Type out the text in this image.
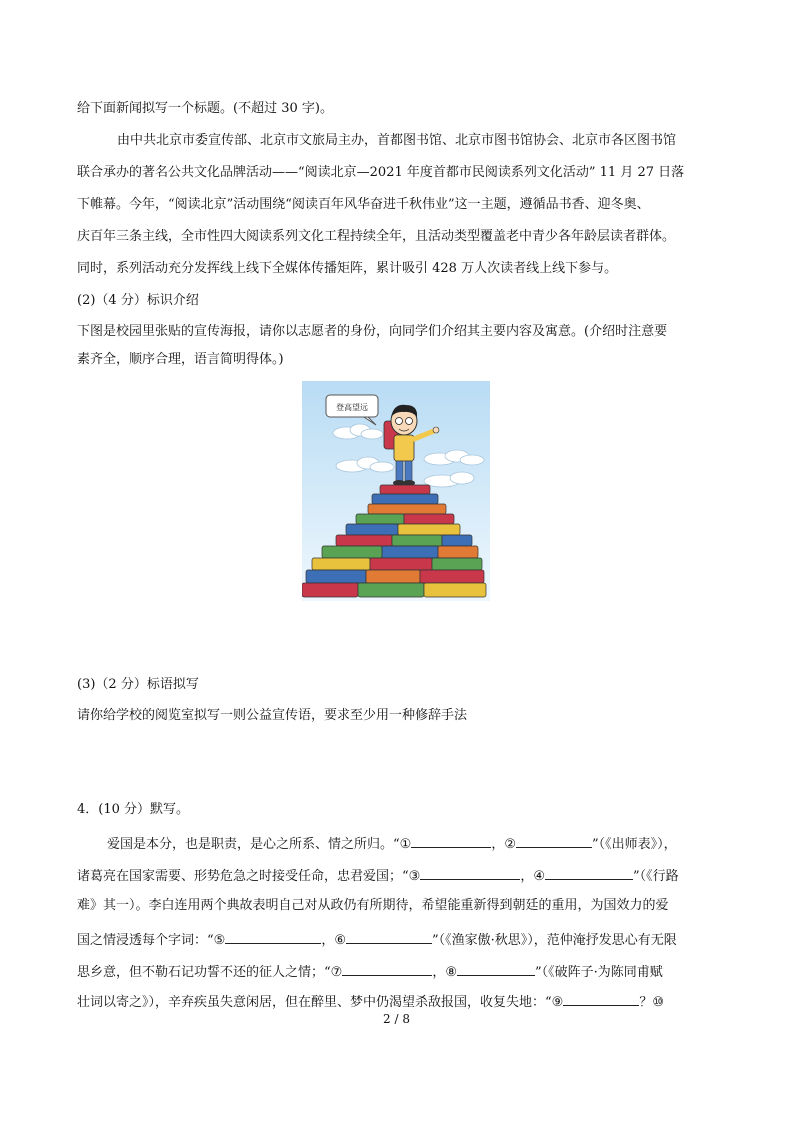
给下面新闻拟写一个标题。(不超过 30 字)。
由中共北京市委宣传部、北京市文旅局主办，首都图书馆、北京市图书馆协会、北京市各区图书馆
联合承办的著名公共文化品牌活动——“阅读北京—2021 年度首都市民阅读系列文化活动” 11 月 27 日落
下帷幕。今年，“阅读北京”活动围绕“阅读百年风华奋进千秋伟业”这一主题，遵循品书香、迎冬奥、
庆百年三条主线，全市性四大阅读系列文化工程持续全年，且活动类型覆盖老中青少各年龄层读者群体。
同时，系列活动充分发挥线上线下全媒体传播矩阵，累计吸引 428 万人次读者线上线下参与。
(2)（4 分）标识介绍
下图是校园里张贴的宣传海报，请你以志愿者的身份，向同学们介绍其主要内容及寓意。(介绍时注意要
素齐全，顺序合理，语言简明得体。)
登高望远
(3)（2 分）标语拟写
请你给学校的阅览室拟写一则公益宣传语，要求至少用一种修辞手法
4．(10 分）默写。
爱国是本分，也是职责，是心之所系、情之所归。“①	，②	”（《出师表》），
诸葛亮在国家需要、形势危急之时接受任命，忠君爱国；“③	，④	”（《行路
难》其一）。李白连用两个典故表明自己对从政仍有所期待，希望能重新得到朝廷的重用，为国效力的爱
国之情浸透每个字词：“⑤	，⑥	”（《渔家傲·秋思》），范仲淹抒发思心有无限
思乡意，但不勒石记功誓不还的征人之情；“⑦	，⑧	”（《破阵子·为陈同甫赋
壮词以寄之》），辛弃疾虽失意闲居，但在醉里、梦中仍渴望杀敌报国，收复失地：“⑨	？⑩
2 / 8
